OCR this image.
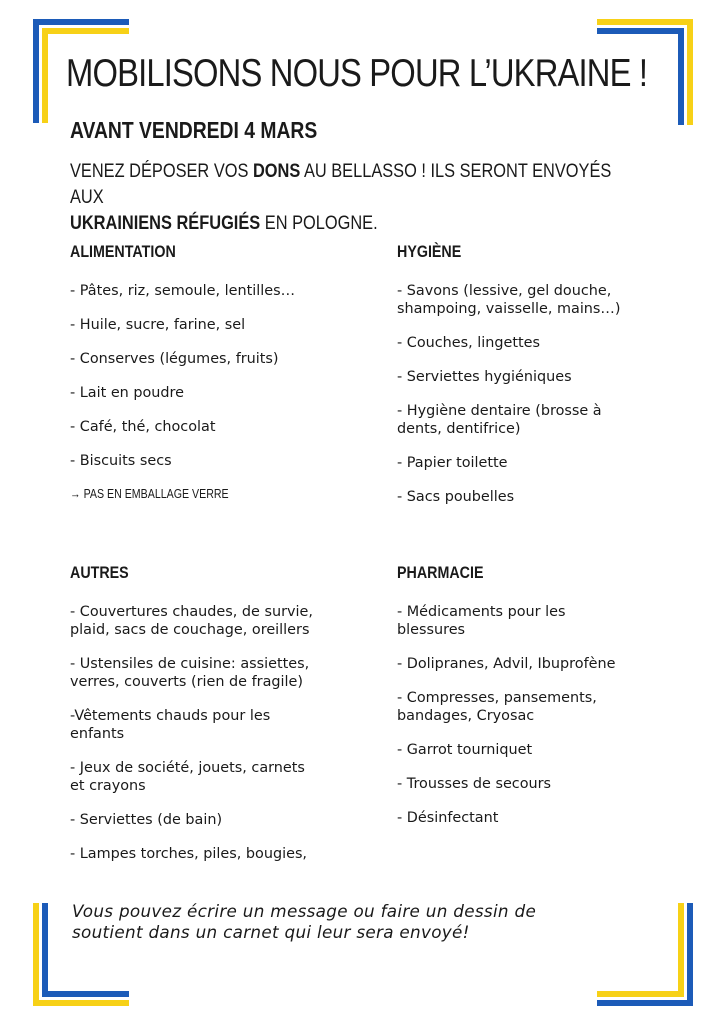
MOBILISONS NOUS POUR L’UKRAINE !
AVANT VENDREDI 4 MARS

VENEZ DÉPOSER VOS DONS AU BELLASSO ! ILS SERONT ENVOYÉS AUX
UKRAINIENS RÉFUGIÉS EN POLOGNE.

ALIMENTATION
- Pâtes, riz, semoule, lentilles…
- Huile, sucre, farine, sel
- Conserves (légumes, fruits)
- Lait en poudre
- Café, thé, chocolat
- Biscuits secs
→ PAS EN EMBALLAGE VERRE
HYGIÈNE
- Savons (lessive, gel douche,
shampoing, vaisselle, mains…)
- Couches, lingettes
- Serviettes hygiéniques
- Hygiène dentaire (brosse à
dents, dentifrice)
- Papier toilette
- Sacs poubelles
AUTRES
- Couvertures chaudes, de survie,
plaid, sacs de couchage, oreillers
- Ustensiles de cuisine: assiettes,
verres, couverts (rien de fragile)
-Vêtements chauds pour les
enfants
- Jeux de société, jouets, carnets
et crayons
- Serviettes (de bain)
- Lampes torches, piles, bougies,
PHARMACIE
- Médicaments pour les
blessures
- Dolipranes, Advil, Ibuprofène
- Compresses, pansements,
bandages, Cryosac
- Garrot tourniquet
- Trousses de secours
- Désinfectant

Vous pouvez écrire un message ou faire un dessin de
soutient dans un carnet qui leur sera envoyé!
